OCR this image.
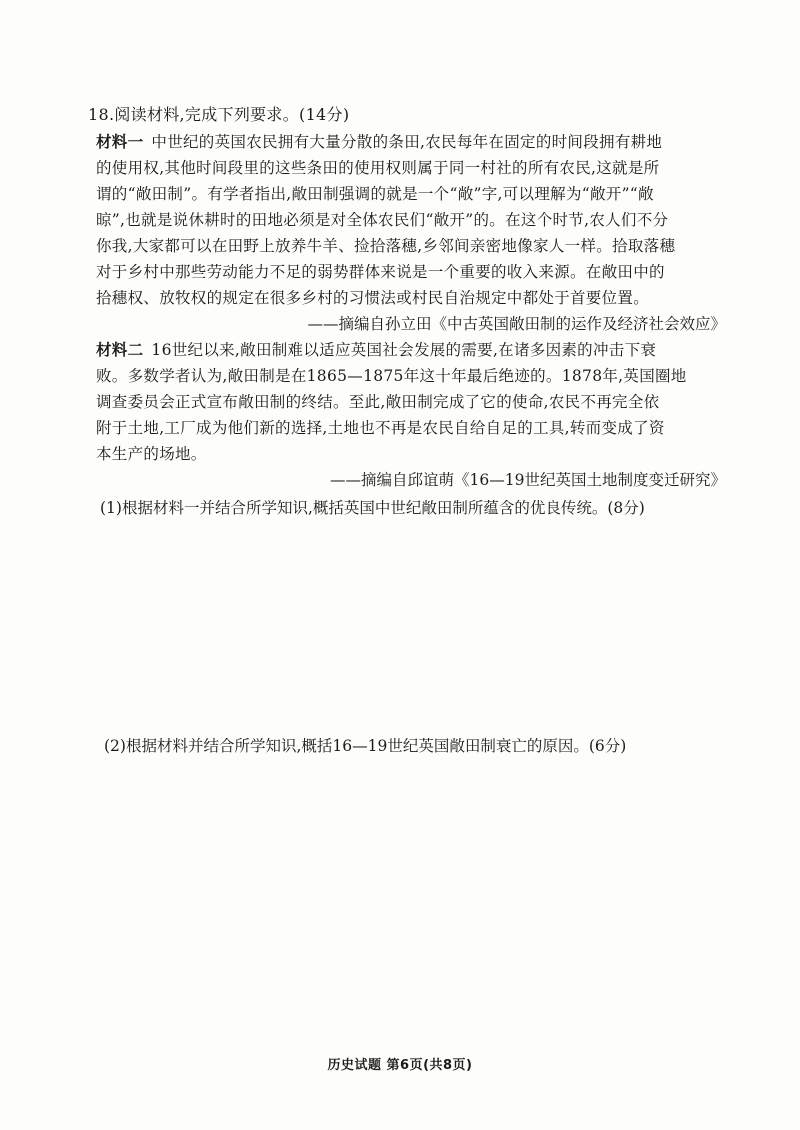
18.阅读材料,完成下列要求。(14分)
材料一 中世纪的英国农民拥有大量分散的条田,农民每年在固定的时间段拥有耕地
的使用权,其他时间段里的这些条田的使用权则属于同一村社的所有农民,这就是所
谓的“敞田制”。有学者指出,敞田制强调的就是一个“敞”字,可以理解为“敞开”“敞
晾”,也就是说休耕时的田地必须是对全体农民们“敞开”的。在这个时节,农人们不分
你我,大家都可以在田野上放养牛羊、捡拾落穗,乡邻间亲密地像家人一样。拾取落穗
对于乡村中那些劳动能力不足的弱势群体来说是一个重要的收入来源。在敞田中的
拾穗权、放牧权的规定在很多乡村的习惯法或村民自治规定中都处于首要位置。
——摘编自孙立田《中古英国敞田制的运作及经济社会效应》
材料二 16世纪以来,敞田制难以适应英国社会发展的需要,在诸多因素的冲击下衰
败。多数学者认为,敞田制是在1865—1875年这十年最后绝迹的。1878年,英国圈地
调查委员会正式宣布敞田制的终结。至此,敞田制完成了它的使命,农民不再完全依
附于土地,工厂成为他们新的选择,土地也不再是农民自给自足的工具,转而变成了资
本生产的场地。
——摘编自邱谊萌《16—19世纪英国土地制度变迁研究》
(1)根据材料一并结合所学知识,概括英国中世纪敞田制所蕴含的优良传统。(8分)
(2)根据材料并结合所学知识,概括16—19世纪英国敞田制衰亡的原因。(6分)
历史试题 第6页(共8页)
